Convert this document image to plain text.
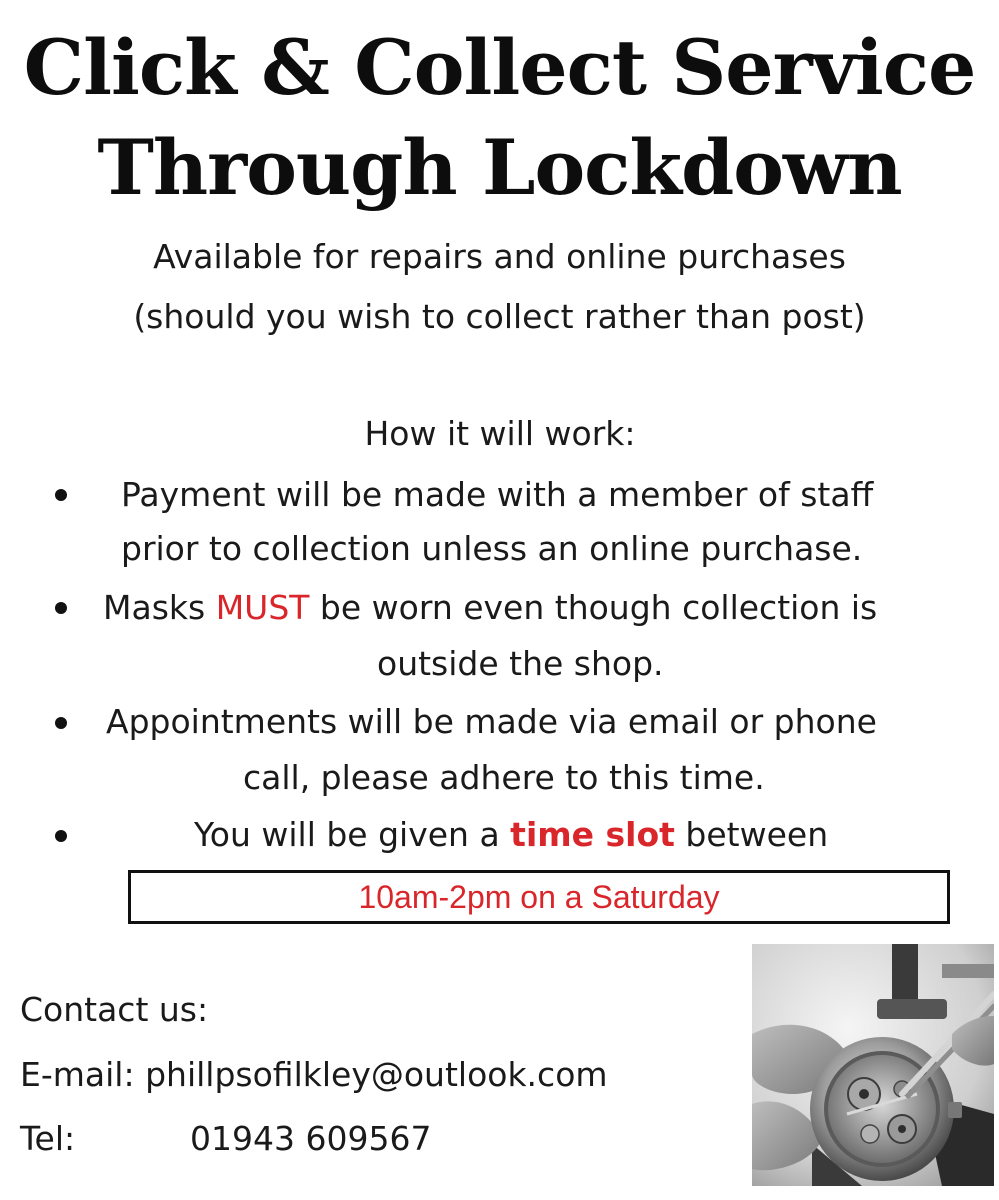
Click & Collect Service
Through Lockdown
Available for repairs and online purchases
(should you wish to collect rather than post)
How it will work:
Payment will be made with a member of staff
prior to collection unless an online purchase.
Masks MUST be worn even though collection is
outside the shop.
Appointments will be made via email or phone
call, please adhere to this time.
You will be given a time slot between
10am-2pm on a Saturday
Contact us:
E-mail: phillpsofilkley@outlook.com
Tel:	01943 609567
